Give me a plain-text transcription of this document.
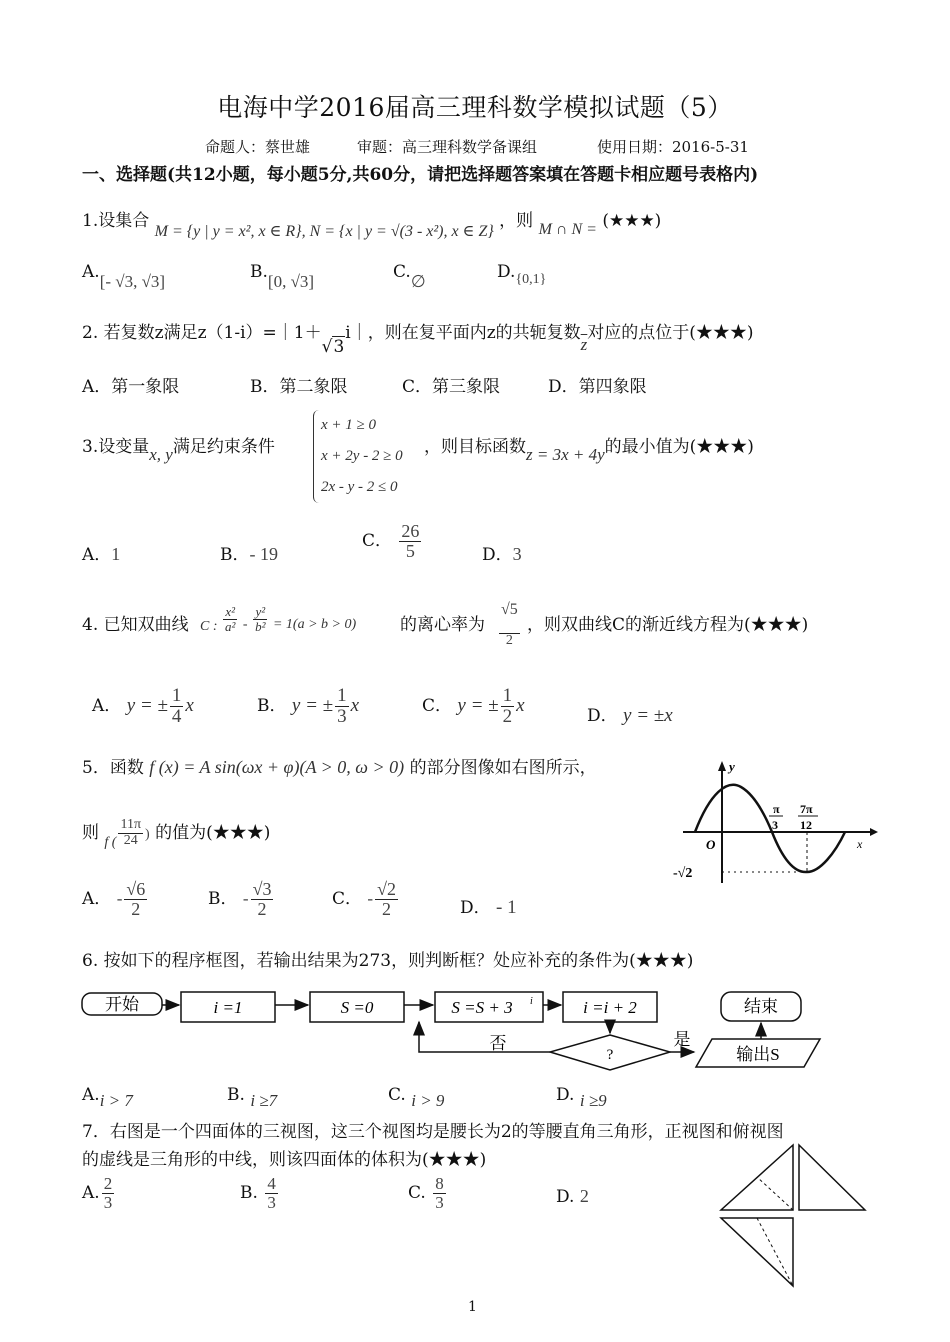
电海中学2016届高三理科数学模拟试题（5）
命题人：蔡世雄	审题：高三理科数学备课组	使用日期：2016-5-31
一、选择题(共12小题，每小题5分,共60分，请把选择题答案填在答题卡相应题号表格内)
1.设集合 M = {y | y = x², x ∈ R}, N = {x | y = √(3 - x²), x ∈ Z} ，则 M ∩ N = (★★★)
A.[- √3, √3]	B.[0, √3]	C.∅	$D._{\{0,1\}}$
2. 若复数z满足z（1-i）=｜1＋√3i｜，则在复平面内z的共轭复数$\overline{z}$对应的点位于(★★★)
A．第一象限	B．第二象限	C．第三象限	D．第四象限
3.设变量x, y满足约束条件
x + 1 ≥ 0
x + 2y - 2 ≥ 0
2x - y - 2 ≤ 0
，则目标函数z = 3x + 4y的最小值为(★★★)
A．1	B．- 19
C． $\frac{26}{5}$	D．3
4. 已知双曲线 C : $\frac{\text{x²}}{\text{a²}} - \frac{\text{y²}}{\text{b²}} = 1(a > b > 0)$	的离心率为 $\frac{√5}{2}$ ，则双曲线C的渐近线方程为(★★★)
A． y = ± $\frac{1}{4}$ x	B． y = ± $\frac{1}{3}$ x	C． y = ± $\frac{1}{2}$ x
D． y = ±x
5．函数 f (x) = A sin(ωx + φ)(A > 0, ω > 0) 的部分图像如右图所示，
则 $_{f (} \frac{11\pi}{24}$ ) 的值为(★★★)
y
x
O
π
3
7π
12
-√2
A． - $\frac{√6}{2}$	B． - $\frac{√3}{2}$	C． - $\frac{√2}{2}$	D． - 1
6. 按如下的程序框图，若输出结果为273，则判断框？处应补充的条件为(★★★)
开始	i =1	S =0	S =S + 3 i	i =i + 2
?
否	是
输出S
结束
A.i > 7	B. i ≥7	C. i > 9	D. i ≥9
7．右图是一个四面体的三视图，这三个视图均是腰长为2的等腰直角三角形，正视图和俯视图
的虚线是三角形的中线，则该四面体的体积为(★★★)
A. $\frac{2}{3}$	B. $\frac{4}{3}$	C. $\frac{8}{3}$	D. 2
1
